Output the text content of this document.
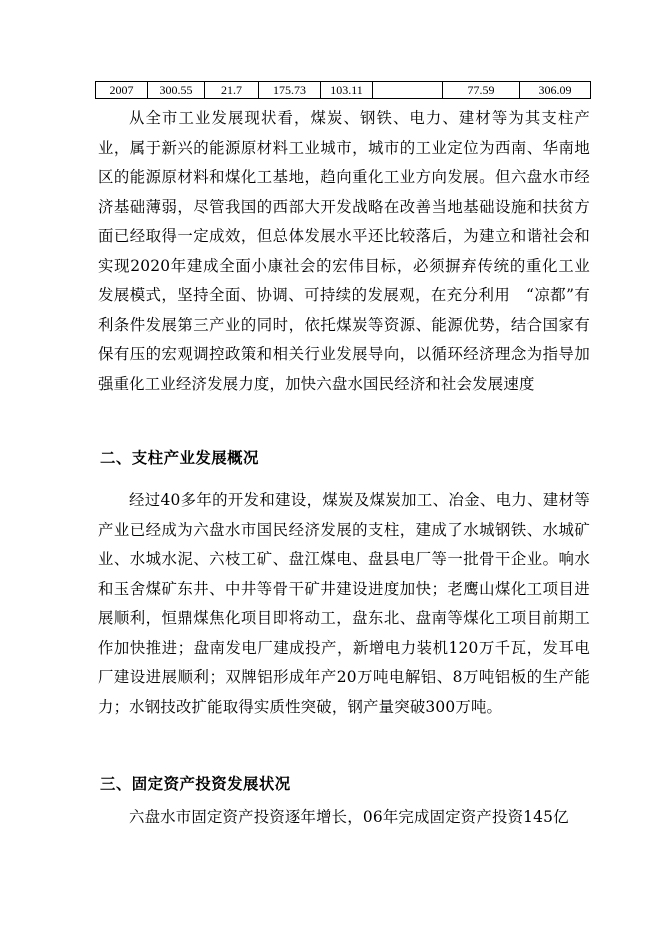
2007	300.55	21.7	175.73	103.11		77.59	306.09

从全市工业发展现状看，煤炭、钢铁、电力、建材等为其支柱产业，属于新兴的能源原材料工业城市，城市的工业定位为西南、华南地区的能源原材料和煤化工基地，趋向重化工业方向发展。但六盘水市经济基础薄弱，尽管我国的西部大开发战略在改善当地基础设施和扶贫方面已经取得一定成效，但总体发展水平还比较落后，为建立和谐社会和实现2020年建成全面小康社会的宏伟目标，必须摒弃传统的重化工业发展模式，坚持全面、协调、可持续的发展观，在充分利用　“凉都”有利条件发展第三产业的同时，依托煤炭等资源、能源优势，结合国家有保有压的宏观调控政策和相关行业发展导向，以循环经济理念为指导加强重化工业经济发展力度，加快六盘水国民经济和社会发展速度

二、支柱产业发展概况

经过40多年的开发和建设，煤炭及煤炭加工、冶金、电力、建材等产业已经成为六盘水市国民经济发展的支柱，建成了水城钢铁、水城矿业、水城水泥、六枝工矿、盘江煤电、盘县电厂等一批骨干企业。响水和玉舍煤矿东井、中井等骨干矿井建设进度加快；老鹰山煤化工项目进展顺利，恒鼎煤焦化项目即将动工，盘东北、盘南等煤化工项目前期工作加快推进；盘南发电厂建成投产，新增电力装机120万千瓦，发耳电厂建设进展顺利；双牌铝形成年产20万吨电解铝、8万吨铝板的生产能力；水钢技改扩能取得实质性突破，钢产量突破300万吨。

三、固定资产投资发展状况

六盘水市固定资产投资逐年增长，06年完成固定资产投资145亿
